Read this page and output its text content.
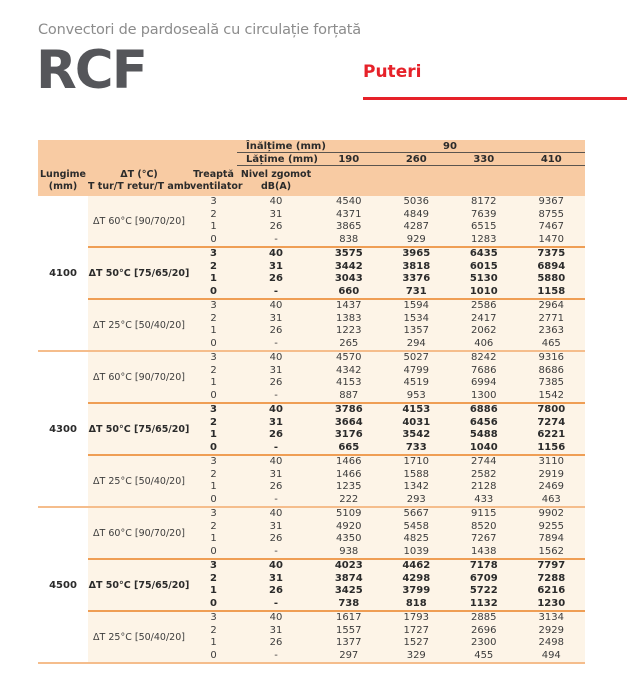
Convectori de pardoseală cu circulație forțată
RCF	Puteri
Înălțime (mm)	90
Lățime (mm)	190	260	330	410
Lungime
(mm)
ΔT (°C)
T tur/T retur/T amb
Treaptă
ventilator
Nivel zgomot
dB(A)
4100
ΔT 60°C [90/70/20]
3	40	4540	5036	8172	9367
2	31	4371	4849	7639	8755
1	26	3865	4287	6515	7467
0	-	838	929	1283	1470
ΔT 50°C [75/65/20]
3	40	3575	3965	6435	7375
2	31	3442	3818	6015	6894
1	26	3043	3376	5130	5880
0	-	660	731	1010	1158
ΔT 25°C [50/40/20]
3	40	1437	1594	2586	2964
2	31	1383	1534	2417	2771
1	26	1223	1357	2062	2363
0	-	265	294	406	465
4300
ΔT 60°C [90/70/20]
3	40	4570	5027	8242	9316
2	31	4342	4799	7686	8686
1	26	4153	4519	6994	7385
0	-	887	953	1300	1542
ΔT 50°C [75/65/20]
3	40	3786	4153	6886	7800
2	31	3664	4031	6456	7274
1	26	3176	3542	5488	6221
0	-	665	733	1040	1156
ΔT 25°C [50/40/20]
3	40	1466	1710	2744	3110
2	31	1466	1588	2582	2919
1	26	1235	1342	2128	2469
0	-	222	293	433	463
4500
ΔT 60°C [90/70/20]
3	40	5109	5667	9115	9902
2	31	4920	5458	8520	9255
1	26	4350	4825	7267	7894
0	-	938	1039	1438	1562
ΔT 50°C [75/65/20]
3	40	4023	4462	7178	7797
2	31	3874	4298	6709	7288
1	26	3425	3799	5722	6216
0	-	738	818	1132	1230
ΔT 25°C [50/40/20]
3	40	1617	1793	2885	3134
2	31	1557	1727	2696	2929
1	26	1377	1527	2300	2498
0	-	297	329	455	494
